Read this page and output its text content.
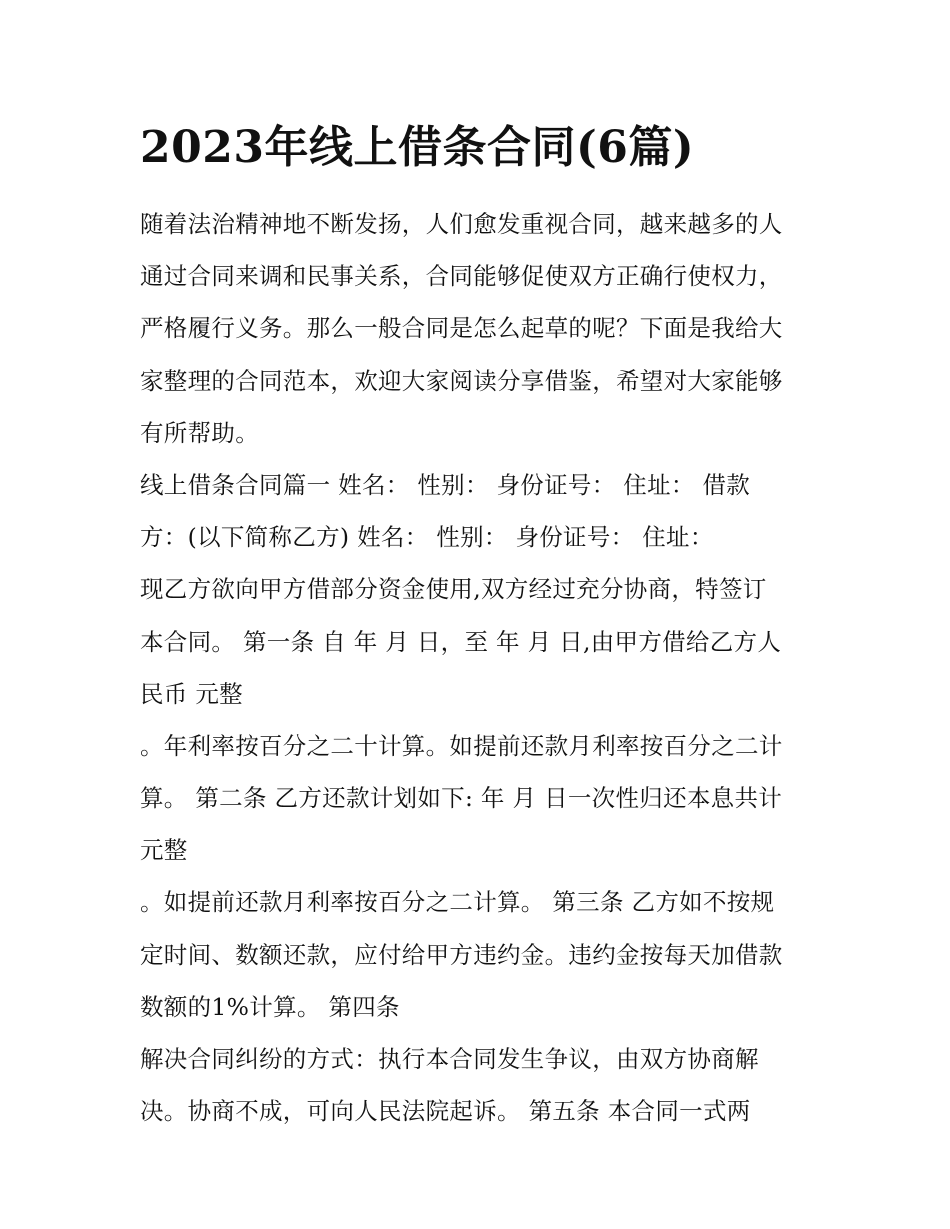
2023年线上借条合同(6篇)
随着法治精神地不断发扬，人们愈发重视合同，越来越多的人
通过合同来调和民事关系，合同能够促使双方正确行使权力，
严格履行义务。那么一般合同是怎么起草的呢？下面是我给大
家整理的合同范本，欢迎大家阅读分享借鉴，希望对大家能够
有所帮助。
线上借条合同篇一 姓名： 性别： 身份证号： 住址： 借款
方：(以下简称乙方) 姓名： 性别： 身份证号： 住址：
现乙方欲向甲方借部分资金使用,双方经过充分协商，特签订
本合同。 第一条 自 年 月 日，至 年 月 日,由甲方借给乙方人
民币 元整
。年利率按百分之二十计算。如提前还款月利率按百分之二计
算。 第二条 乙方还款计划如下: 年 月 日一次性归还本息共计
元整
。如提前还款月利率按百分之二计算。 第三条 乙方如不按规
定时间、数额还款，应付给甲方违约金。违约金按每天加借款
数额的1%计算。 第四条
解决合同纠纷的方式：执行本合同发生争议，由双方协商解
决。协商不成，可向人民法院起诉。 第五条 本合同一式两
